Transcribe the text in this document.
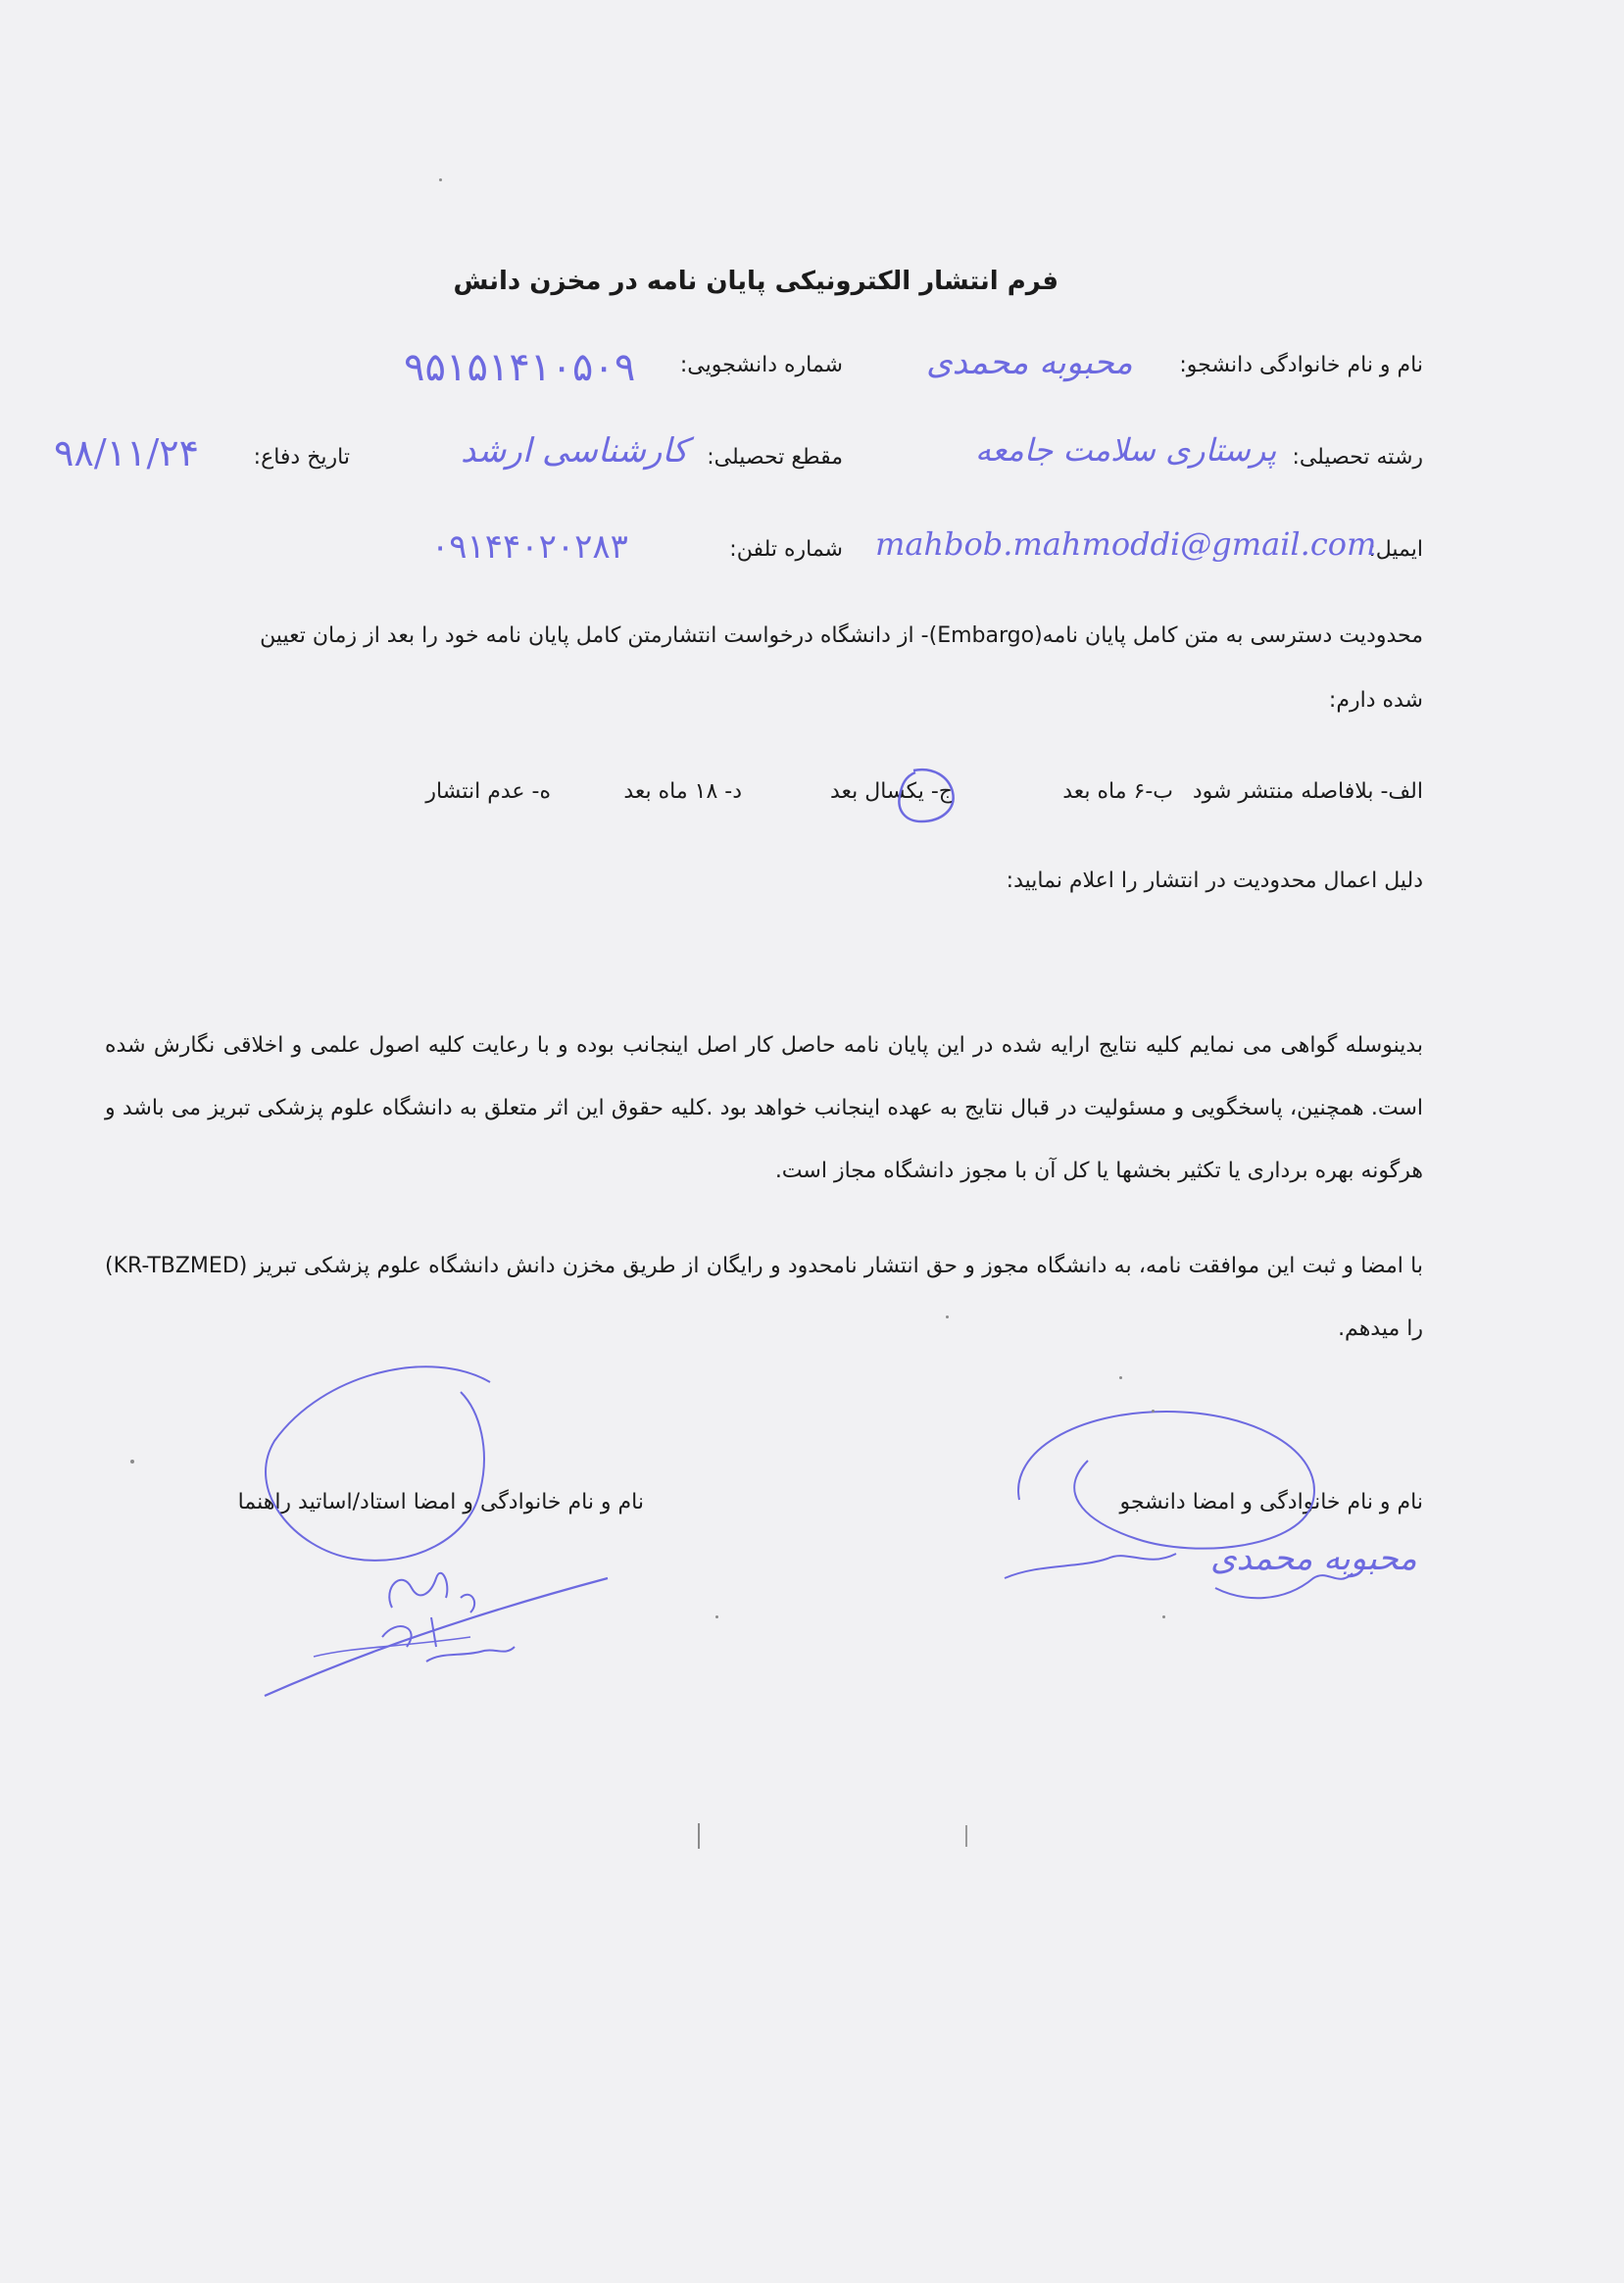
فرم انتشار الکترونیکی پایان نامه در مخزن دانش
نام و نام خانوادگی دانشجو:
محبوبه محمدی
شماره دانشجویی:
۹۵۱۵۱۴۱۰۵۰۹
رشته تحصیلی:
پرستاری سلامت جامعه
مقطع تحصیلی:
کارشناسی ارشد
تاریخ دفاع:
۹۸/۱۱/۲۴
ایمیل:
mahbob.mahmoddi@gmail.com
شماره تلفن:
۰۹۱۴۴۰۲۰۲۸۳
محدودیت دسترسی به متن کامل پایان نامه(Embargo)- از دانشگاه درخواست انتشارمتن کامل پایان نامه خود را بعد از زمان تعیین
شده دارم:
الف- بلافاصله منتشر شود
ب-۶ ماه بعد
ج- یکسال بعد
د- ۱۸ ماه بعد
ه- عدم انتشار
دلیل اعمال محدودیت در انتشار را اعلام نمایید:
بدینوسله گواهی می نمایم کلیه نتایج ارایه شده در این پایان نامه حاصل کار اصل اینجانب بوده و با رعایت کلیه اصول علمی و اخلاقی نگارش شده است. همچنین، پاسخگویی و مسئولیت در قبال نتایج به عهده اینجانب خواهد بود .کلیه حقوق این اثر متعلق به دانشگاه علوم پزشکی تبریز می باشد و هرگونه بهره برداری یا تکثیر بخشها یا کل آن با مجوز دانشگاه مجاز است.
با امضا و ثبت این موافقت نامه، به دانشگاه مجوز و حق انتشار نامحدود و رایگان از طریق مخزن دانش دانشگاه علوم پزشکی تبریز (KR-TBZMED) را میدهم.
نام و نام خانوادگی و امضا استاد/اساتید راهنما	نام و نام خانوادگی و امضا دانشجو
محبوبه محمدی
